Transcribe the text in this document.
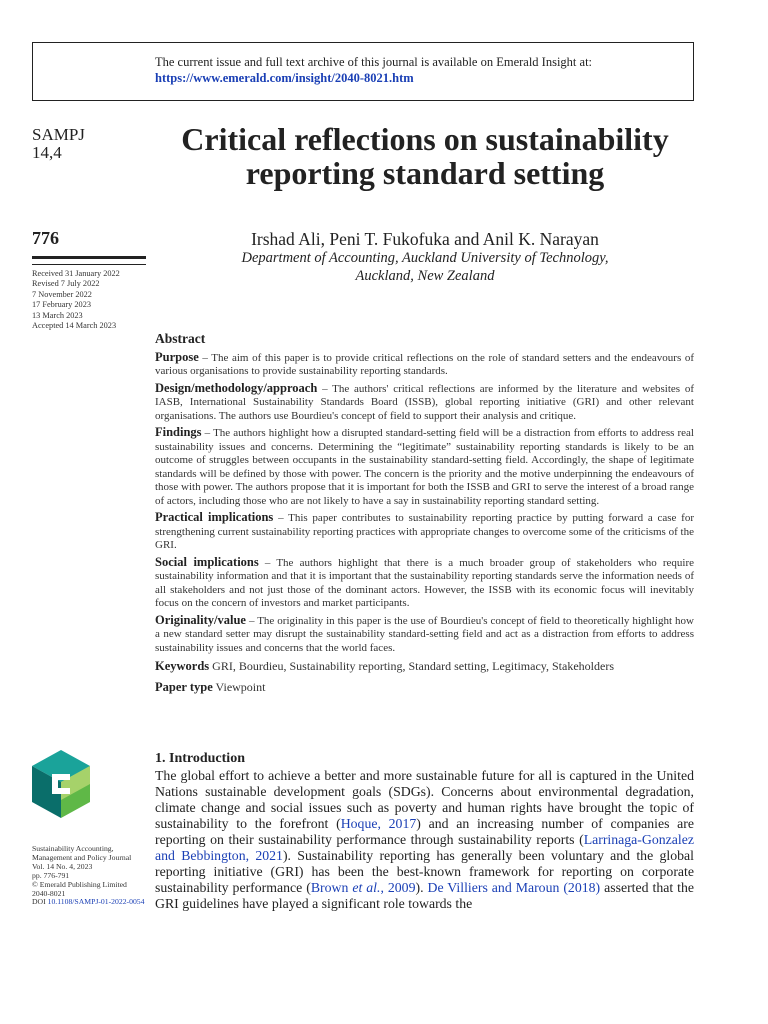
The current issue and full text archive of this journal is available on Emerald Insight at:
https://www.emerald.com/insight/2040-8021.htm
SAMPJ
14,4
776
Received 31 January 2022
Revised 7 July 2022
7 November 2022
17 February 2023
13 March 2023
Accepted 14 March 2023
Critical reflections on sustainability reporting standard setting
Irshad Ali, Peni T. Fukofuka and Anil K. Narayan
Department of Accounting, Auckland University of Technology,
Auckland, New Zealand
Abstract

Purpose – The aim of this paper is to provide critical reflections on the role of standard setters and the endeavours of various organisations to provide sustainability reporting standards.

Design/methodology/approach – The authors' critical reflections are informed by the literature and websites of IASB, International Sustainability Standards Board (ISSB), global reporting initiative (GRI) and other relevant organisations. The authors use Bourdieu's concept of field to support their analysis and critique.

Findings – The authors highlight how a disrupted standard-setting field will be a distraction from efforts to address real sustainability issues and concerns. Determining the “legitimate” sustainability reporting standards is likely to be an outcome of struggles between occupants in the sustainability standard-setting field. Accordingly, the shape of legitimate standards will be defined by those with power. The concern is the priority and the motive underpinning the endeavours of those with power. The authors propose that it is important for both the ISSB and GRI to serve the interest of a broad range of actors, including those who are not likely to have a say in sustainability reporting standard setting.

Practical implications – This paper contributes to sustainability reporting practice by putting forward a case for strengthening current sustainability reporting practices with appropriate changes to overcome some of the criticisms of the GRI.

Social implications – The authors highlight that there is a much broader group of stakeholders who require sustainability information and that it is important that the sustainability reporting standards serve the information needs of all stakeholders and not just those of the dominant actors. However, the ISSB with its economic focus will inevitably focus on the concern of investors and market participants.

Originality/value – The originality in this paper is the use of Bourdieu's concept of field to theoretically highlight how a new standard setter may disrupt the sustainability standard-setting field and act as a distraction from efforts to address sustainability issues and concerns that the world faces.

Keywords GRI, Bourdieu, Sustainability reporting, Standard setting, Legitimacy, Stakeholders

Paper type Viewpoint

Sustainability Accounting,
Management and Policy Journal
Vol. 14 No. 4, 2023
pp. 776-791
© Emerald Publishing Limited
2040-8021
DOI 10.1108/SAMPJ-01-2022-0054
1. Introduction

The global effort to achieve a better and more sustainable future for all is captured in the United Nations sustainable development goals (SDGs). Concerns about environmental degradation, climate change and social issues such as poverty and human rights have brought the topic of sustainability to the forefront (Hoque, 2017) and an increasing number of companies are reporting on their sustainability performance through sustainability reports (Larrinaga-Gonzalez and Bebbington, 2021). Sustainability reporting has generally been voluntary and the global reporting initiative (GRI) has been the best-known framework for reporting on corporate sustainability performance (Brown et al., 2009). De Villiers and Maroun (2018) asserted that the GRI guidelines have played a significant role towards the
